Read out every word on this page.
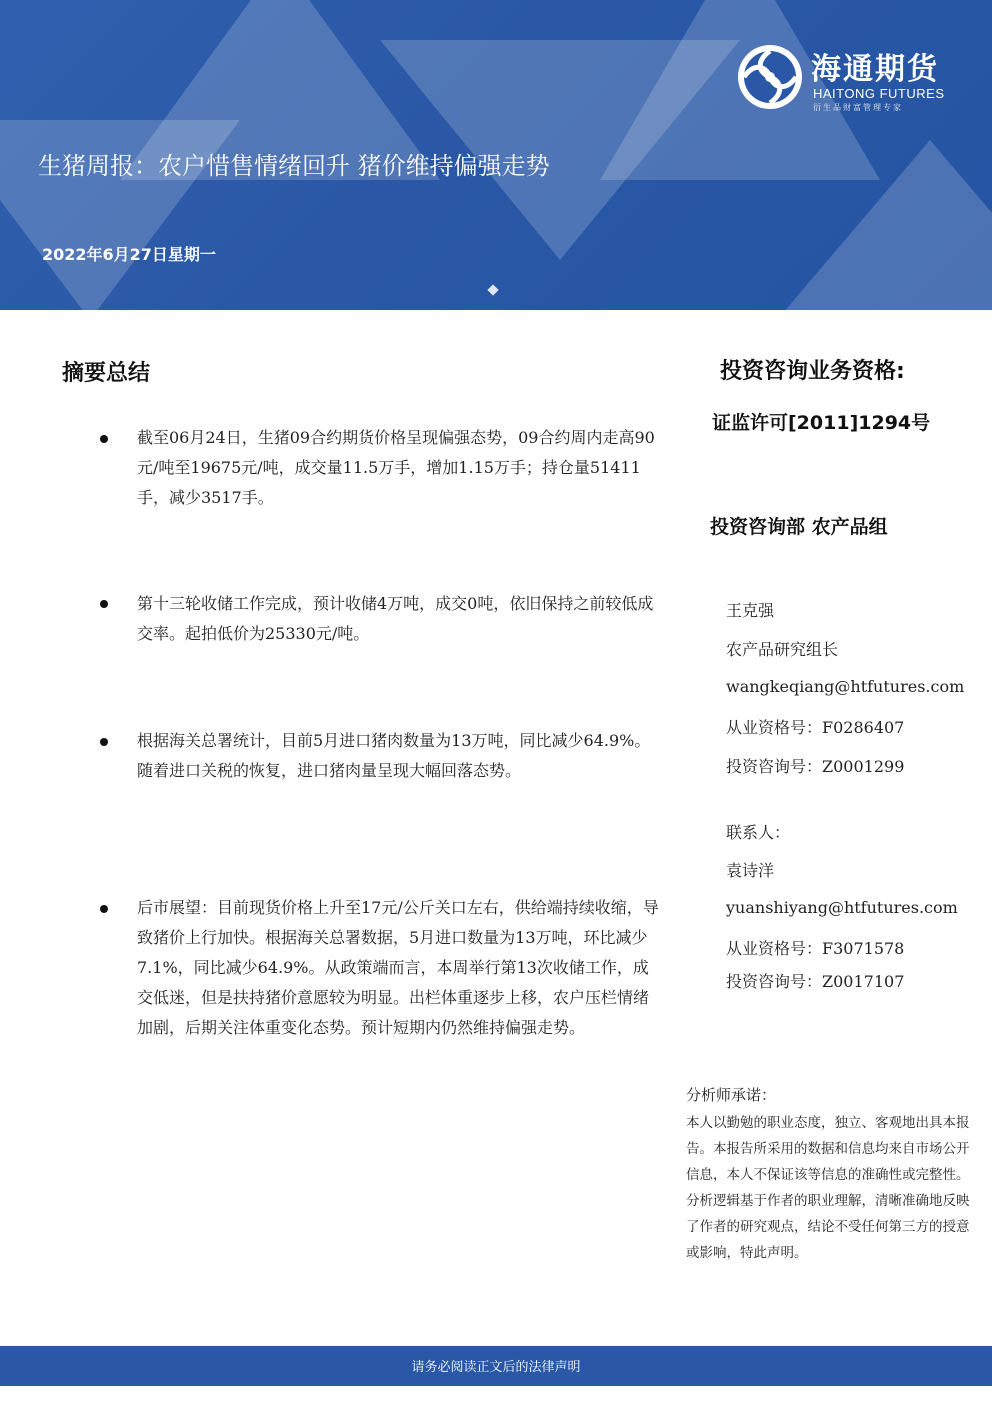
海通期货
HAITONG FUTURES
衍生品财富管理专家
生猪周报：农户惜售情绪回升 猪价维持偏强走势
2022年6月27日星期一
摘要总结
截至06月24日，生猪09合约期货价格呈现偏强态势，09合约周内走高90元/吨至19675元/吨，成交量11.5万手，增加1.15万手；持仓量51411手，减少3517手。
第十三轮收储工作完成，预计收储4万吨，成交0吨，依旧保持之前较低成交率。起拍低价为25330元/吨。
根据海关总署统计，目前5月进口猪肉数量为13万吨，同比减少64.9%。随着进口关税的恢复，进口猪肉量呈现大幅回落态势。
后市展望：目前现货价格上升至17元/公斤关口左右，供给端持续收缩，导致猪价上行加快。根据海关总署数据，5月进口数量为13万吨，环比减少7.1%，同比减少64.9%。从政策端而言，本周举行第13次收储工作，成交低迷，但是扶持猪价意愿较为明显。出栏体重逐步上移，农户压栏情绪加剧，后期关注体重变化态势。预计短期内仍然维持偏强走势。
投资咨询业务资格:
证监许可[2011]1294号
投资咨询部 农产品组
王克强
农产品研究组长
wangkeqiang@htfutures.com
从业资格号：F0286407
投资咨询号：Z0001299
联系人：
袁诗洋
yuanshiyang@htfutures.com
从业资格号：F3071578
投资咨询号：Z0017107
分析师承诺：
本人以勤勉的职业态度，独立、客观地出具本报告。本报告所采用的数据和信息均来自市场公开信息，本人不保证该等信息的准确性或完整性。分析逻辑基于作者的职业理解，清晰准确地反映了作者的研究观点，结论不受任何第三方的授意或影响，特此声明。
请务必阅读正文后的法律声明
